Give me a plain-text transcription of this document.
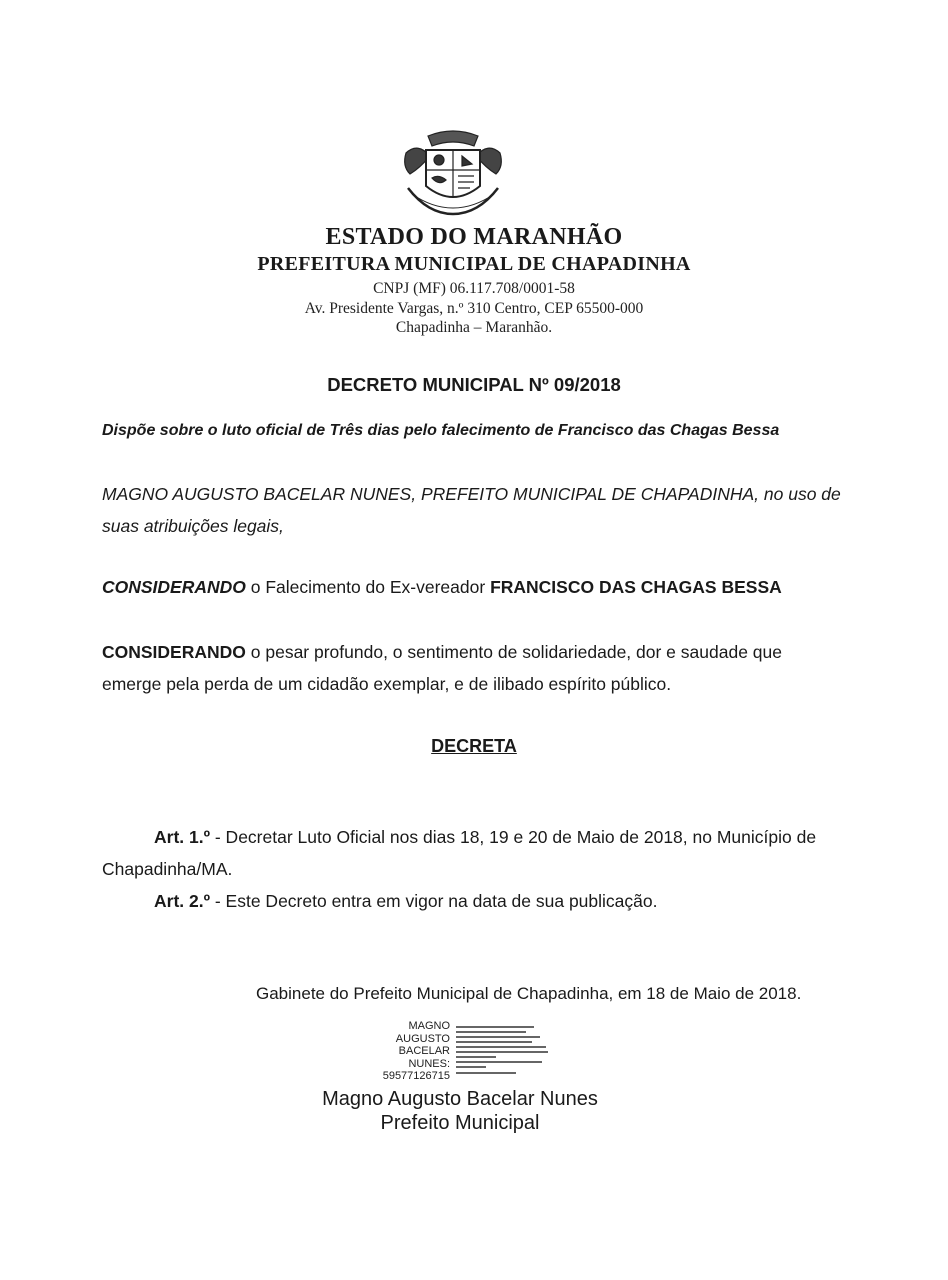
ESTADO DO MARANHÃO
PREFEITURA MUNICIPAL DE CHAPADINHA
CNPJ (MF) 06.117.708/0001-58
Av. Presidente Vargas, n.º 310 Centro, CEP 65500-000
Chapadinha – Maranhão.
DECRETO MUNICIPAL Nº 09/2018
Dispõe sobre o luto oficial de Três dias pelo falecimento de Francisco das Chagas Bessa
MAGNO AUGUSTO BACELAR NUNES, PREFEITO MUNICIPAL DE CHAPADINHA, no uso de suas atribuições legais,
CONSIDERANDO o Falecimento do Ex-vereador FRANCISCO DAS CHAGAS BESSA
CONSIDERANDO o pesar profundo, o sentimento de solidariedade, dor e saudade que emerge pela perda de um cidadão exemplar, e de ilibado espírito público.
DECRETA
Art. 1.º - Decretar Luto Oficial nos dias 18, 19 e 20 de Maio de 2018, no Município de Chapadinha/MA.
Art. 2.º - Este Decreto entra em vigor na data de sua publicação.
Gabinete do Prefeito Municipal de Chapadinha, em 18 de Maio de 2018.
MAGNO
AUGUSTO
BACELAR
NUNES:
59577126715
Magno Augusto Bacelar Nunes
Prefeito Municipal
